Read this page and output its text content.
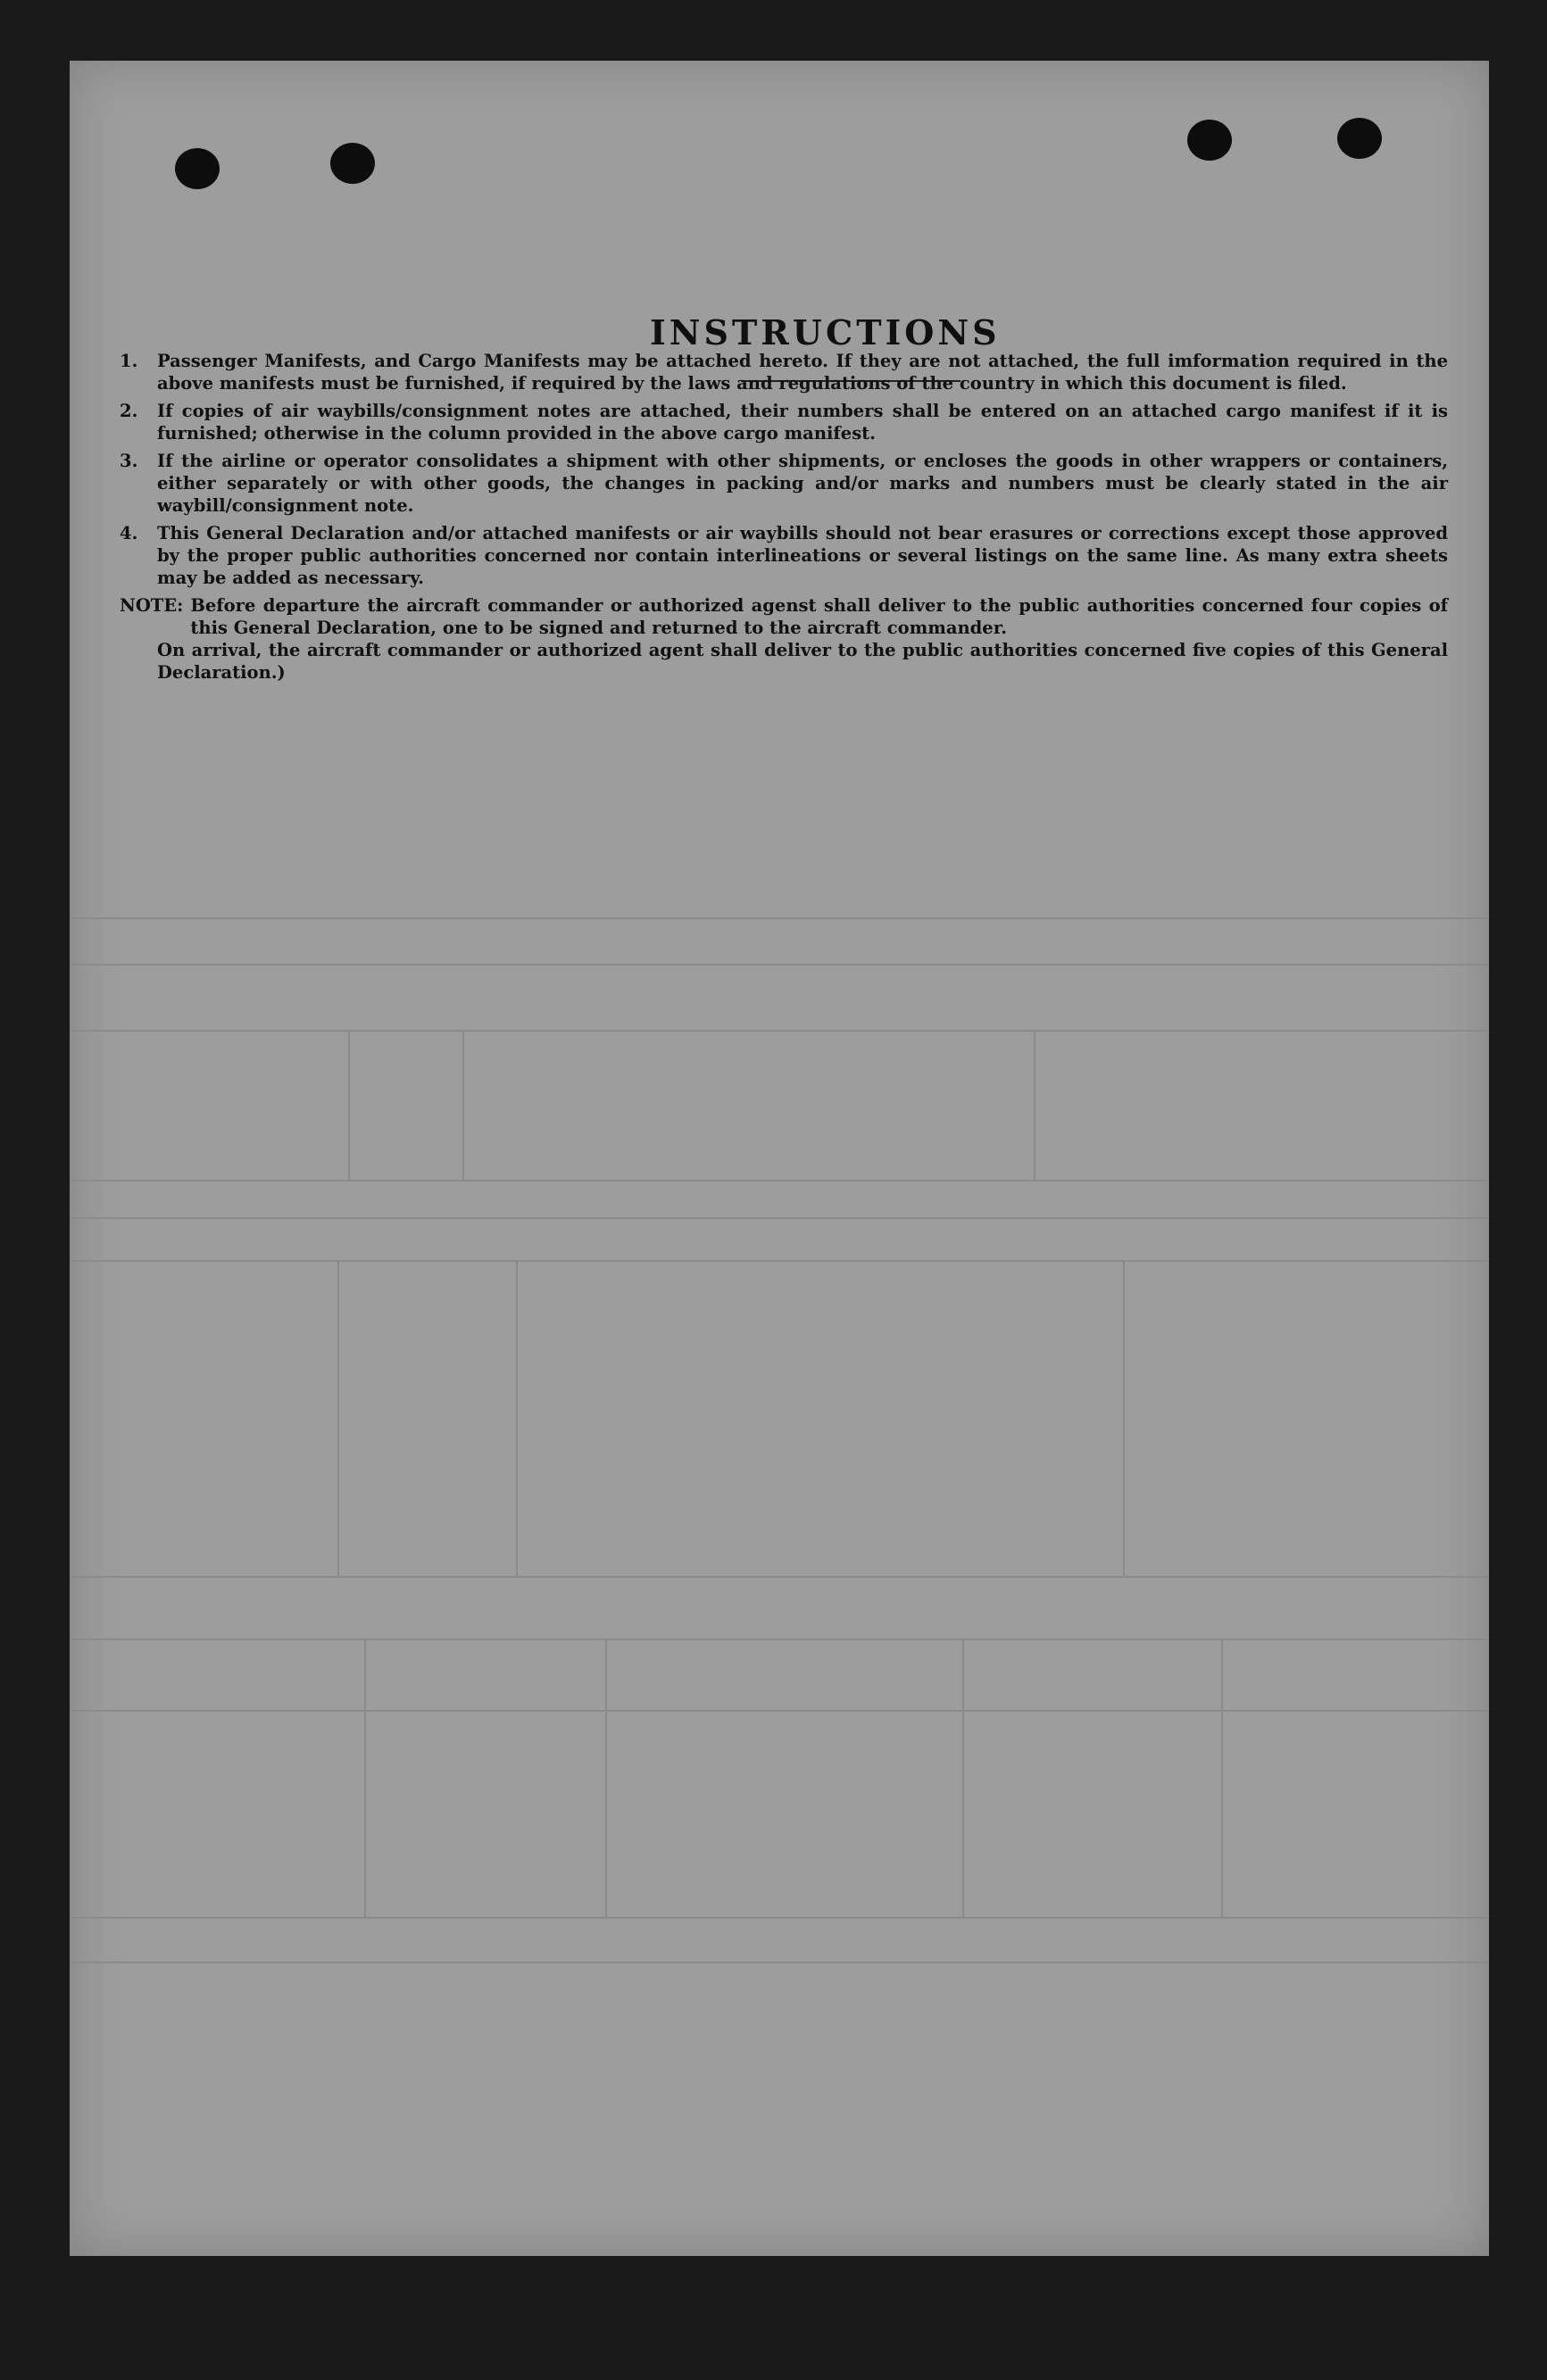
INSTRUCTIONS
1.	Passenger Manifests, and Cargo Manifests may be attached hereto. If they are not attached, the full imformation required in the above manifests must be furnished, if required by the laws and regulations of the country in which this document is filed.
2.	If copies of air waybills/consignment notes are attached, their numbers shall be entered on an attached cargo manifest if it is furnished; otherwise in the column provided in the above cargo manifest.
3.	If the airline or operator consolidates a shipment with other shipments, or encloses the goods in other wrappers or containers, either separately or with other goods, the changes in packing and/or marks and numbers must be clearly stated in the air waybill/consignment note.
4.	This General Declaration and/or attached manifests or air waybills should not bear erasures or corrections except those approved by the proper public authorities concerned nor contain interlineations or several listings on the same line. As many extra sheets may be added as necessary.
NOTE: Before departure the aircraft commander or authorized agenst shall deliver to the public authorities concerned four copies of this General Declaration, one to be signed and returned to the aircraft commander.
On arrival, the aircraft commander or authorized agent shall deliver to the public authorities concerned five copies of this General Declaration.)
